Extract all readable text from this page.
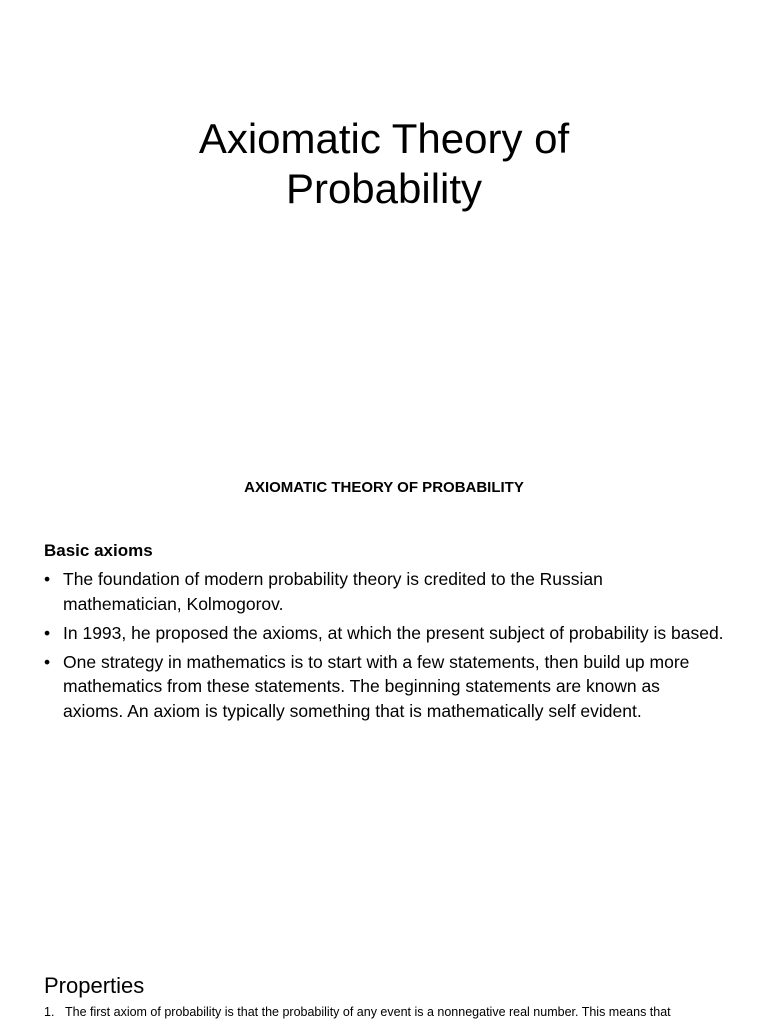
Axiomatic Theory of
Probability
AXIOMATIC THEORY OF PROBABILITY
Basic axioms
• The foundation of modern probability theory is credited to the Russian mathematician, Kolmogorov.
• In 1993, he proposed the axioms, at which the present subject of probability is based.
• One strategy in mathematics is to start with a few statements, then build up more mathematics from these statements. The beginning statements are known as axioms. An axiom is typically something that is mathematically self evident.
Properties
1. The first axiom of probability is that the probability of any event is a nonnegative real number. This means that
